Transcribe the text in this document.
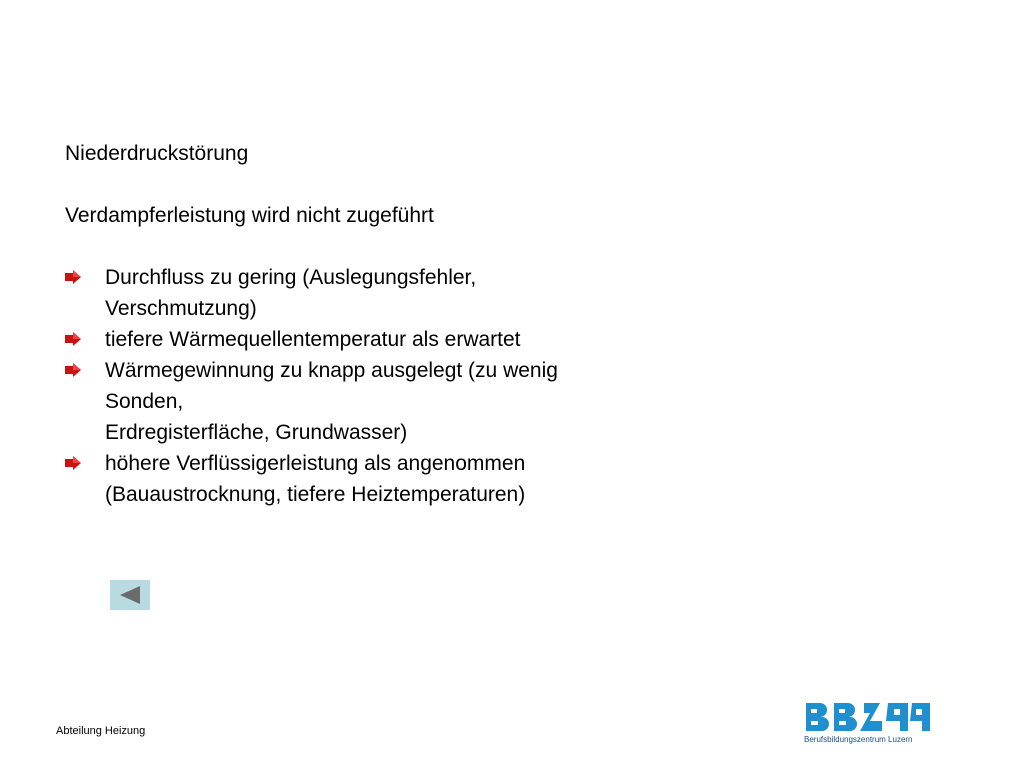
Niederdruckstörung

Verdampferleistung wird nicht zugeführt

Durchfluss zu gering (Auslegungsfehler,
Verschmutzung)
tiefere Wärmequellentemperatur als erwartet
Wärmegewinnung zu knapp ausgelegt (zu wenig
Sonden,
Erdregisterfläche, Grundwasser)
höhere Verflüssigerleistung als angenommen
(Bauaustrocknung, tiefere Heiztemperaturen)
Abteilung Heizung
Berufsbildungszentrum Luzern
